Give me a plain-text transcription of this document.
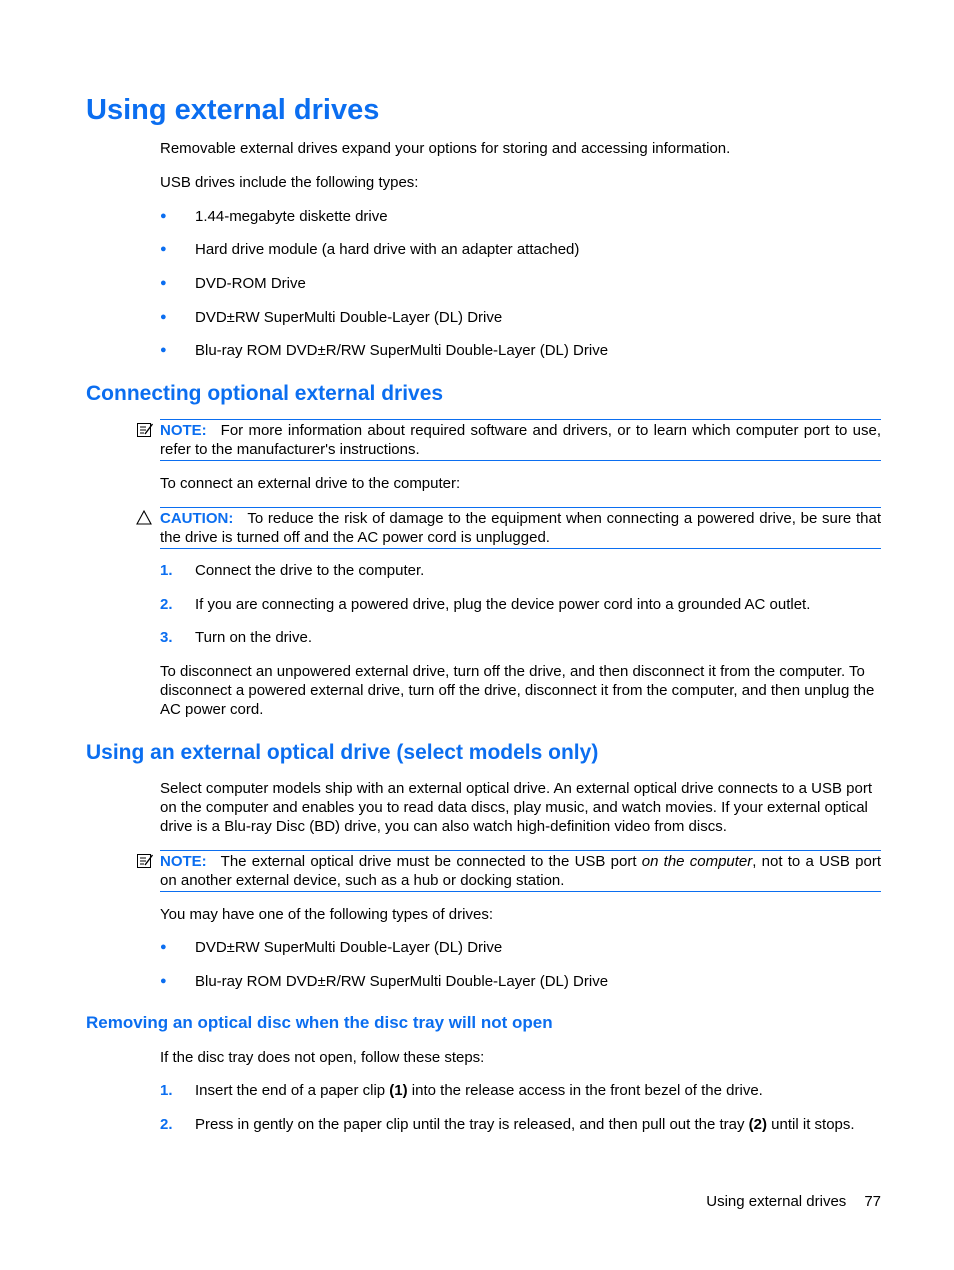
Using external drives

Removable external drives expand your options for storing and accessing information.

USB drives include the following types:

●	1.44-megabyte diskette drive
●	Hard drive module (a hard drive with an adapter attached)
●	DVD-ROM Drive
●	DVD±RW SuperMulti Double-Layer (DL) Drive
●	Blu-ray ROM DVD±R/RW SuperMulti Double-Layer (DL) Drive
Connecting optional external drives
NOTE: For more information about required software and drivers, or to learn which computer port to use, refer to the manufacturer's instructions.

To connect an external drive to the computer:

CAUTION: To reduce the risk of damage to the equipment when connecting a powered drive, be sure that the drive is turned off and the AC power cord is unplugged.
1. Connect the drive to the computer.
2. If you are connecting a powered drive, plug the device power cord into a grounded AC outlet.
3. Turn on the drive.

To disconnect an unpowered external drive, turn off the drive, and then disconnect it from the computer. To disconnect a powered external drive, turn off the drive, disconnect it from the computer, and then unplug the AC power cord.

Using an external optical drive (select models only)

Select computer models ship with an external optical drive. An external optical drive connects to a USB port on the computer and enables you to read data discs, play music, and watch movies. If your external optical drive is a Blu-ray Disc (BD) drive, you can also watch high-definition video from discs.

NOTE: The external optical drive must be connected to the USB port on the computer, not to a USB port on another external device, such as a hub or docking station.

You may have one of the following types of drives:

●	DVD±RW SuperMulti Double-Layer (DL) Drive
●	Blu-ray ROM DVD±R/RW SuperMulti Double-Layer (DL) Drive
Removing an optical disc when the disc tray will not open

If the disc tray does not open, follow these steps:

1. Insert the end of a paper clip (1) into the release access in the front bezel of the drive.
2. Press in gently on the paper clip until the tray is released, and then pull out the tray (2) until it stops.
Using external drives 77
